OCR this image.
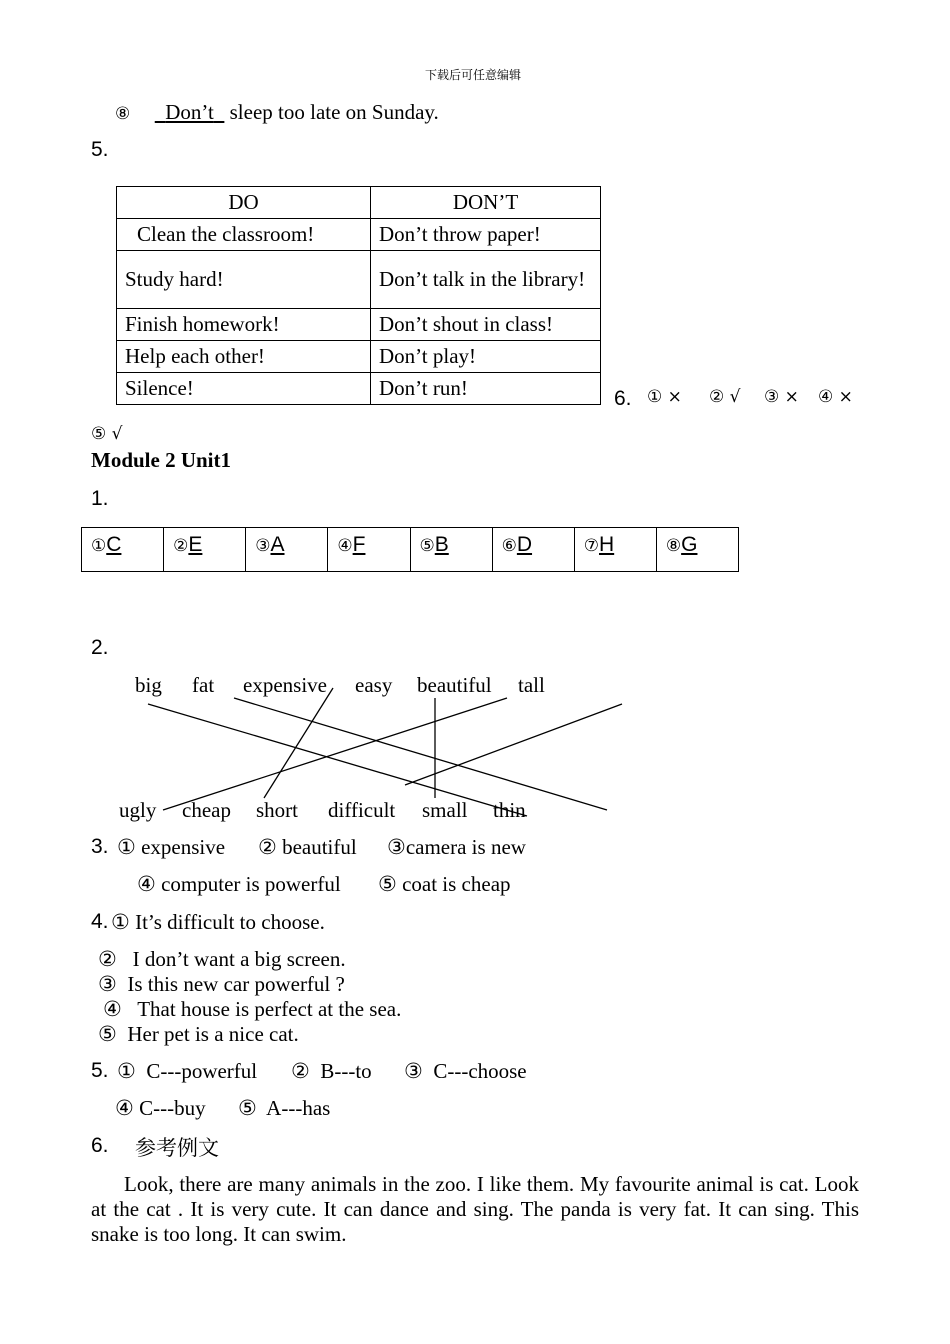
下载后可任意编辑
⑧ Don’t sleep too late on Sunday.
5.
DO	DON’T
Clean the classroom!	Don’t throw paper!
Study hard!	Don’t talk in the library!
Finish homework!	Don’t shout in class!
Help each other!	Don’t play!
Silence!	Don’t run!	6. ① × ② √ ③ × ④ ×
⑤ √
Module 2 Unit1
1.
①C	②E	③A	④F	⑤B	⑥D	⑦H	⑧G
2.
big fat expensive easy beautiful tall
ugly cheap short difficult small thin
3. ① expensive ② beautiful ③camera is new
④ computer is powerful ⑤ coat is cheap
4. ① It’s difficult to choose.
②   I don’t want a big screen.
③  Is this new car powerful ?
④   That house is perfect at the sea.
⑤  Her pet is a nice cat.
5. ①  C---powerful ②  B---to ③  C---choose
④ C---buy ⑤  A---has
6. 参考例文
Look, there are many animals in the zoo. I like them. My favourite animal is cat. Look at the cat . It is very cute. It can dance and sing. The panda is very fat. It can sing. This snake is too long. It can swim.
